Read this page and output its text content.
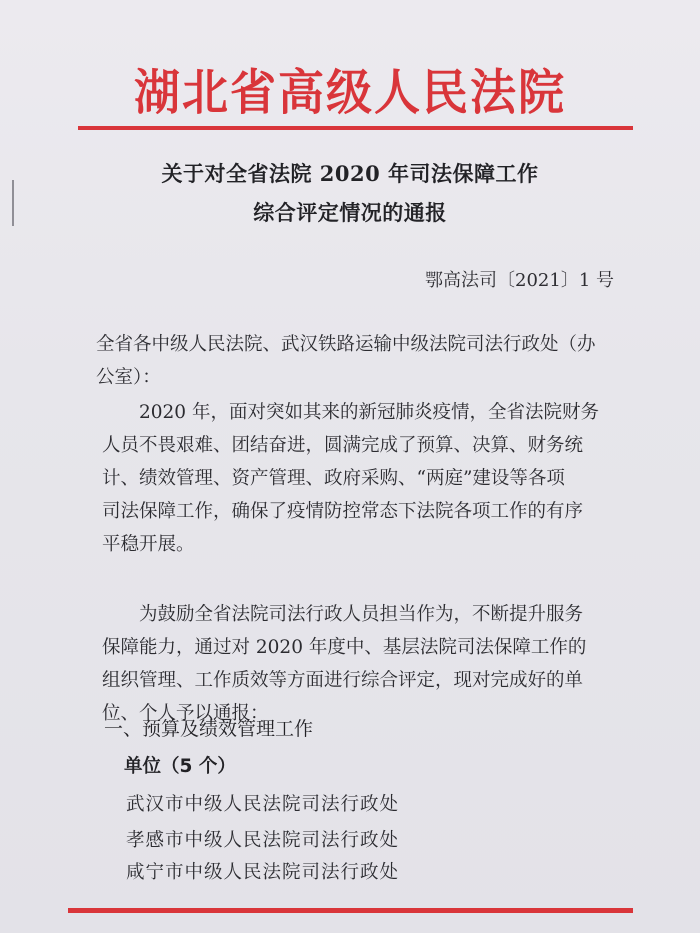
湖北省高级人民法院
关于对全省法院 2020 年司法保障工作
综合评定情况的通报
鄂高法司〔2021〕1 号
全省各中级人民法院、武汉铁路运输中级法院司法行政处（办
公室）：
　　2020 年，面对突如其来的新冠肺炎疫情，全省法院财务
人员不畏艰难、团结奋进，圆满完成了预算、决算、财务统
计、绩效管理、资产管理、政府采购、“两庭”建设等各项
司法保障工作，确保了疫情防控常态下法院各项工作的有序
平稳开展。
　　为鼓励全省法院司法行政人员担当作为，不断提升服务
保障能力，通过对 2020 年度中、基层法院司法保障工作的
组织管理、工作质效等方面进行综合评定，现对完成好的单
位、个人予以通报：
一、预算及绩效管理工作
单位（5 个）
武汉市中级人民法院司法行政处
孝感市中级人民法院司法行政处
咸宁市中级人民法院司法行政处
